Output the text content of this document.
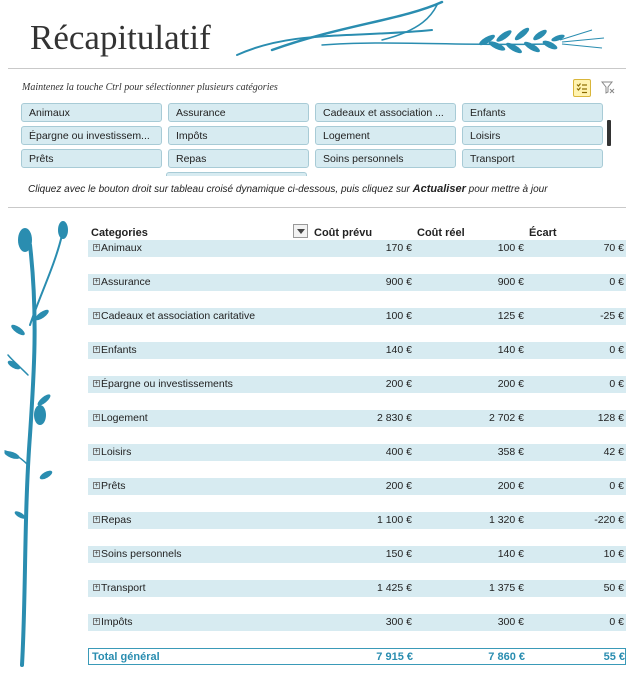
Récapitulatif
Maintenez la touche Ctrl pour sélectionner plusieurs catégories
Animaux	Assurance	Cadeaux et association ...	Enfants
Épargne ou investissem...	Impôts	Logement	Loisirs
Prêts	Repas	Soins personnels	Transport
Cliquez avec le bouton droit sur tableau croisé dynamique ci-dessous, puis cliquez sur Actualiser pour mettre à jour
Categories	Coût prévu	Coût réel	Écart
+ Animaux	170 €	100 €	70 €
+ Assurance	900 €	900 €	0 €
+ Cadeaux et association caritative	100 €	125 €	-25 €
+ Enfants	140 €	140 €	0 €
+ Épargne ou investissements	200 €	200 €	0 €
+ Logement	2 830 €	2 702 €	128 €
+ Loisirs	400 €	358 €	42 €
+ Prêts	200 €	200 €	0 €
+ Repas	1 100 €	1 320 €	-220 €
+ Soins personnels	150 €	140 €	10 €
+ Transport	1 425 €	1 375 €	50 €
+ Impôts	300 €	300 €	0 €
Total général	7 915 €	7 860 €	55 €
